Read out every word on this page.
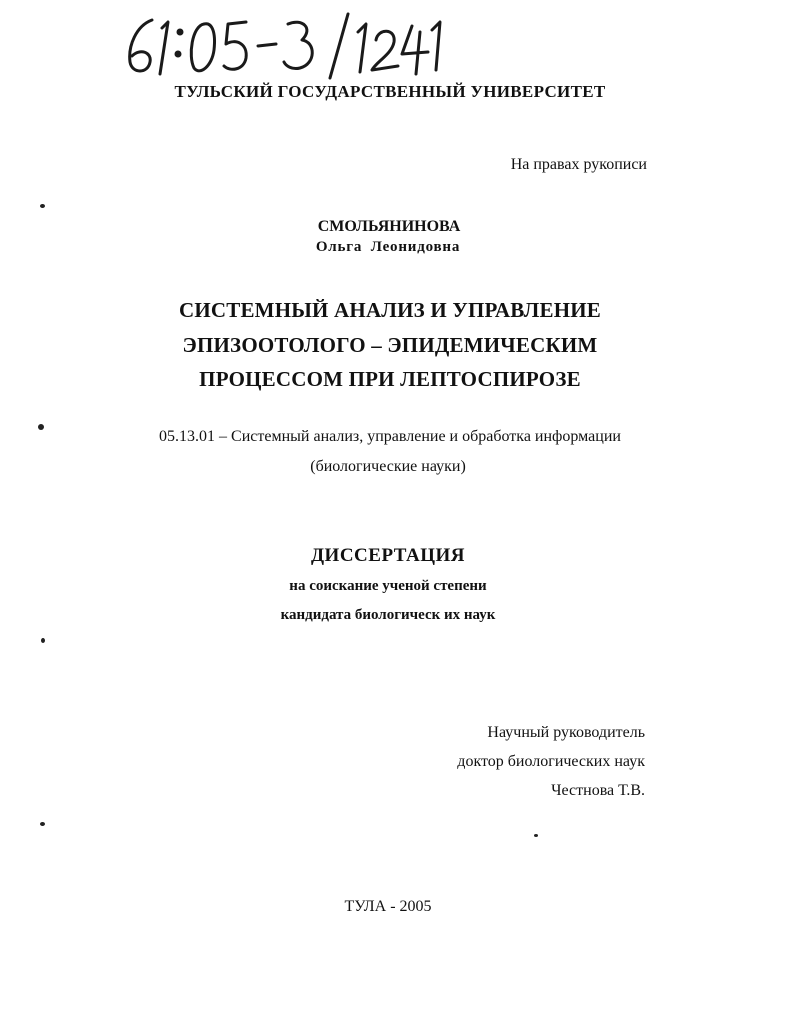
ТУЛЬСКИЙ ГОСУДАРСТВЕННЫЙ УНИВЕРСИТЕТ
На правах рукописи
СМОЛЬЯНИНОВА
Ольга Леонидовна
СИСТЕМНЫЙ АНАЛИЗ И УПРАВЛЕНИЕ
ЭПИЗООТОЛОГО – ЭПИДЕМИЧЕСКИМ
ПРОЦЕССОМ ПРИ ЛЕПТОСПИРОЗЕ
05.13.01 – Системный анализ, управление и обработка информации
(биологические науки)
ДИССЕРТАЦИЯ
на соискание ученой степени
кандидата биологическ их наук
Научный руководитель
доктор биологических наук
Честнова Т.В.
ТУЛА - 2005
